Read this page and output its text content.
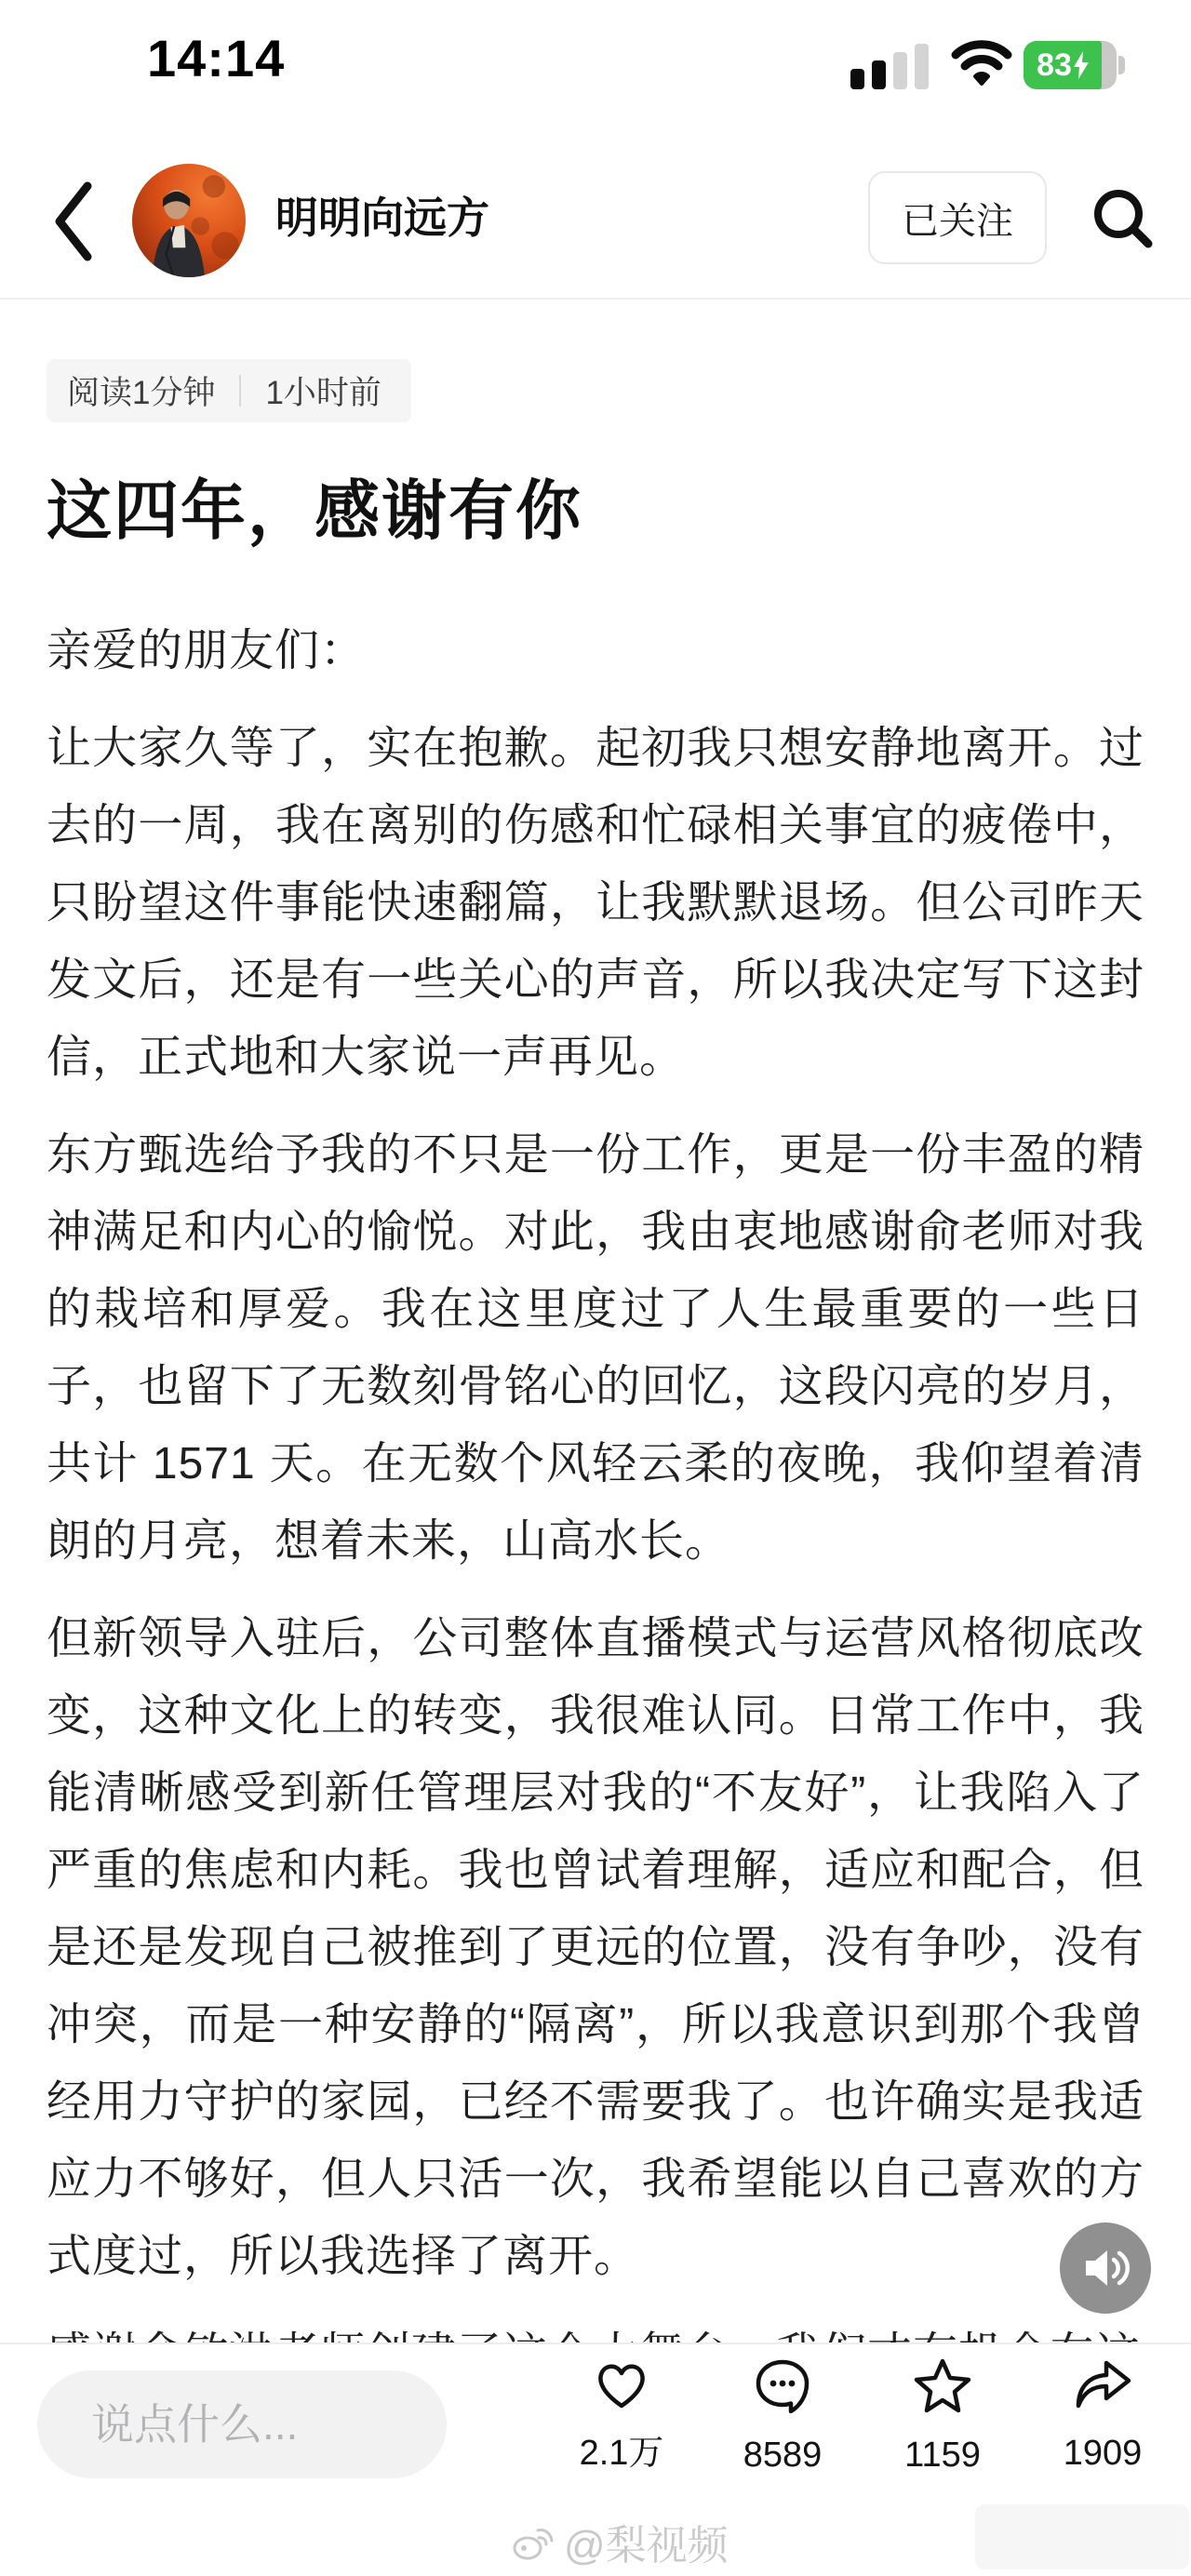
14:14	83
明明向远方	已关注
阅读1分钟 1小时前
这四年，感谢有你

亲爱的朋友们：

让大家久等了，实在抱歉。起初我只想安静地离开。过去的一周，我在离别的伤感和忙碌相关事宜的疲倦中，只盼望这件事能快速翻篇，让我默默退场。但公司昨天发文后，还是有一些关心的声音，所以我决定写下这封信，正式地和大家说一声再见。

东方甄选给予我的不只是一份工作，更是一份丰盈的精神满足和内心的愉悦。对此，我由衷地感谢俞老师对我的栽培和厚爱。我在这里度过了人生最重要的一些日子，也留下了无数刻骨铭心的回忆，这段闪亮的岁月，共计 1571 天。在无数个风轻云柔的夜晚，我仰望着清朗的月亮，想着未来，山高水长。

但新领导入驻后，公司整体直播模式与运营风格彻底改变，这种文化上的转变，我很难认同。日常工作中，我能清晰感受到新任管理层对我的“不友好”，让我陷入了严重的焦虑和内耗。我也曾试着理解，适应和配合，但是还是发现自己被推到了更远的位置，没有争吵，没有冲突，而是一种安静的“隔离”，所以我意识到那个我曾经用力守护的家园，已经不需要我了。也许确实是我适应力不够好，但人只活一次，我希望能以自己喜欢的方式度过，所以我选择了离开。

说点什么...
2.1万 8589 1159 1909
@梨视频
